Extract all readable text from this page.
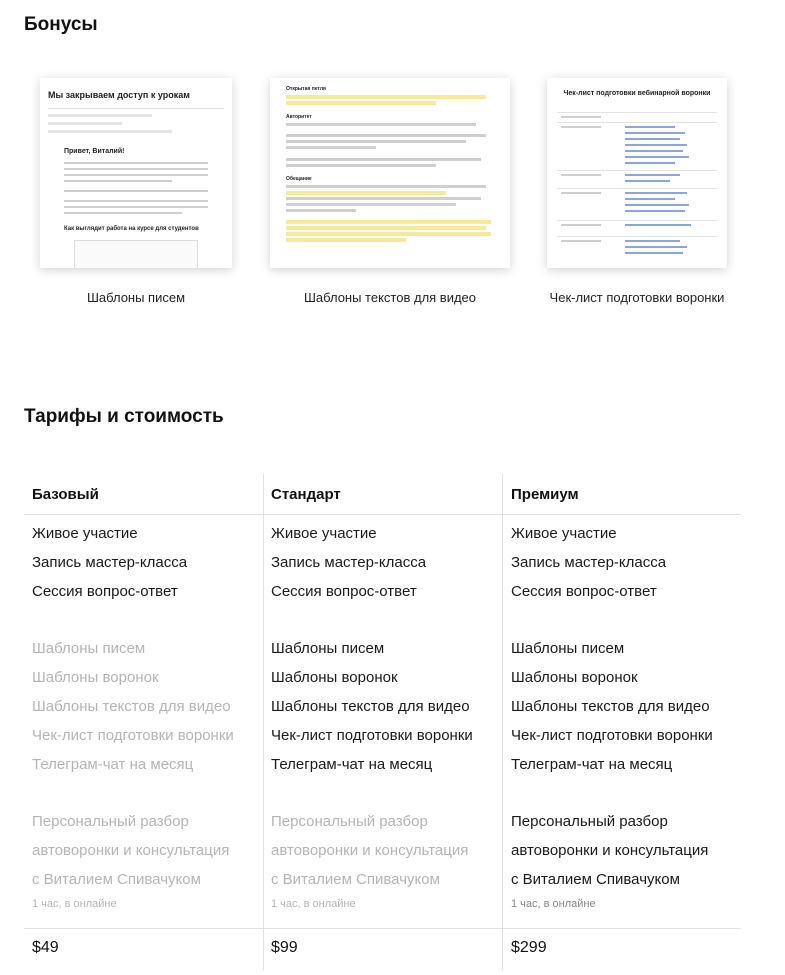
Бонусы
Мы закрываем доступ к урокам
Привет, Виталий!
Как выглядит работа на курсе для студентов
Шаблоны писем
Открытая петля
Авторитет
Обещание
Шаблоны текстов для видео
Чек-лист подготовки вебинарной воронки
Чек-лист подготовки воронки
Тарифы и стоимость
Базовый
Живое участие
Запись мастер-класса
Сессия вопрос-ответ
Шаблоны писем
Шаблоны воронок
Шаблоны текстов для видео
Чек-лист подготовки воронки
Телеграм-чат на месяц
Персональный разбор
автоворонки и консультация
с Виталием Спивачуком
1 час, в онлайне
$49
Стандарт
Живое участие
Запись мастер-класса
Сессия вопрос-ответ
Шаблоны писем
Шаблоны воронок
Шаблоны текстов для видео
Чек-лист подготовки воронки
Телеграм-чат на месяц
Персональный разбор
автоворонки и консультация
с Виталием Спивачуком
1 час, в онлайне
$99
Премиум
Живое участие
Запись мастер-класса
Сессия вопрос-ответ
Шаблоны писем
Шаблоны воронок
Шаблоны текстов для видео
Чек-лист подготовки воронки
Телеграм-чат на месяц
Персональный разбор
автоворонки и консультация
с Виталием Спивачуком
1 час, в онлайне
$299
